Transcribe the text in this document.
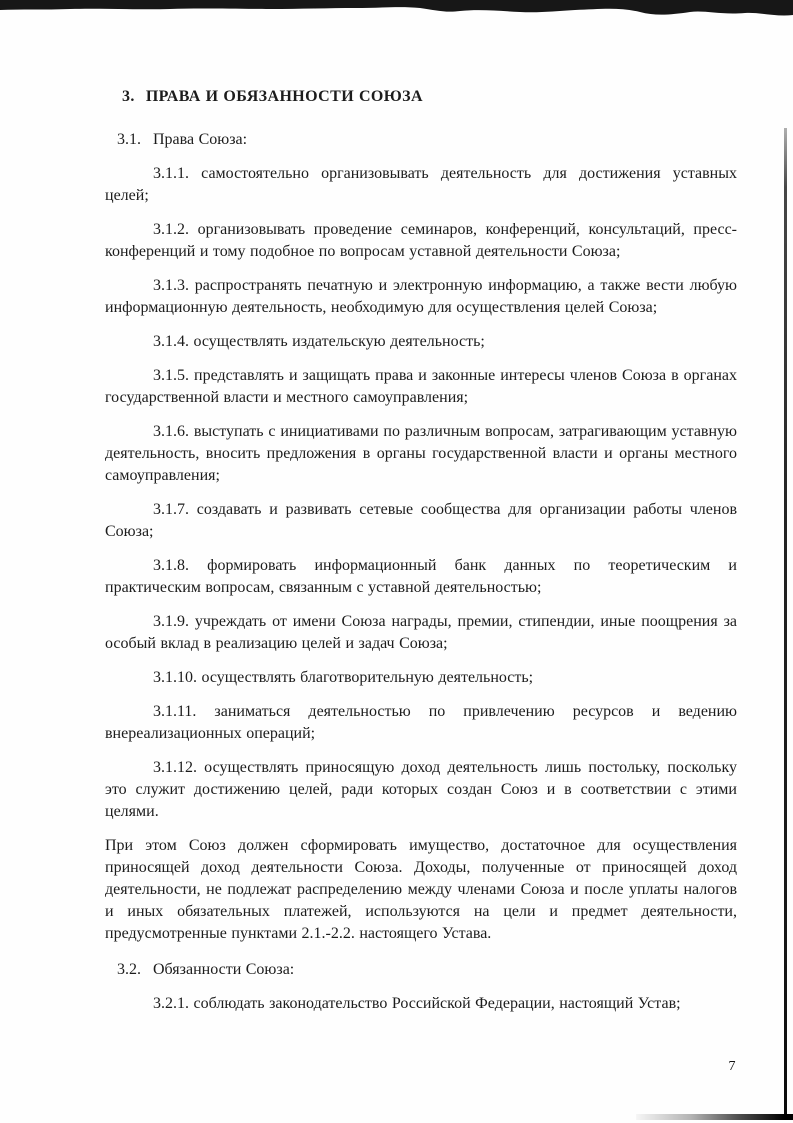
3. ПРАВА И ОБЯЗАННОСТИ СОЮЗА
3.1. Права Союза:

3.1.1. самостоятельно организовывать деятельность для достижения уставных целей;

3.1.2. организовывать проведение семинаров, конференций, консультаций, пресс-конференций и тому подобное по вопросам уставной деятельности Союза;

3.1.3. распространять печатную и электронную информацию, а также вести любую информационную деятельность, необходимую для осуществления целей Союза;

3.1.4. осуществлять издательскую деятельность;

3.1.5. представлять и защищать права и законные интересы членов Союза в органах государственной власти и местного самоуправления;

3.1.6. выступать с инициативами по различным вопросам, затрагивающим уставную деятельность, вносить предложения в органы государственной власти и органы местного самоуправления;

3.1.7. создавать и развивать сетевые сообщества для организации работы членов Союза;

3.1.8. формировать информационный банк данных по теоретическим и практическим вопросам, связанным с уставной деятельностью;

3.1.9. учреждать от имени Союза награды, премии, стипендии, иные поощрения за особый вклад в реализацию целей и задач Союза;

3.1.10. осуществлять благотворительную деятельность;

3.1.11. заниматься деятельностью по привлечению ресурсов и ведению внереализационных операций;

3.1.12. осуществлять приносящую доход деятельность лишь постольку, поскольку это служит достижению целей, ради которых создан Союз и в соответствии с этими целями.

При этом Союз должен сформировать имущество, достаточное для осуществления приносящей доход деятельности Союза. Доходы, полученные от приносящей доход деятельности, не подлежат распределению между членами Союза и после уплаты налогов и иных обязательных платежей, используются на цели и предмет деятельности, предусмотренные пунктами 2.1.-2.2. настоящего Устава.

3.2. Обязанности Союза:

3.2.1. соблюдать законодательство Российской Федерации, настоящий Устав;

7
